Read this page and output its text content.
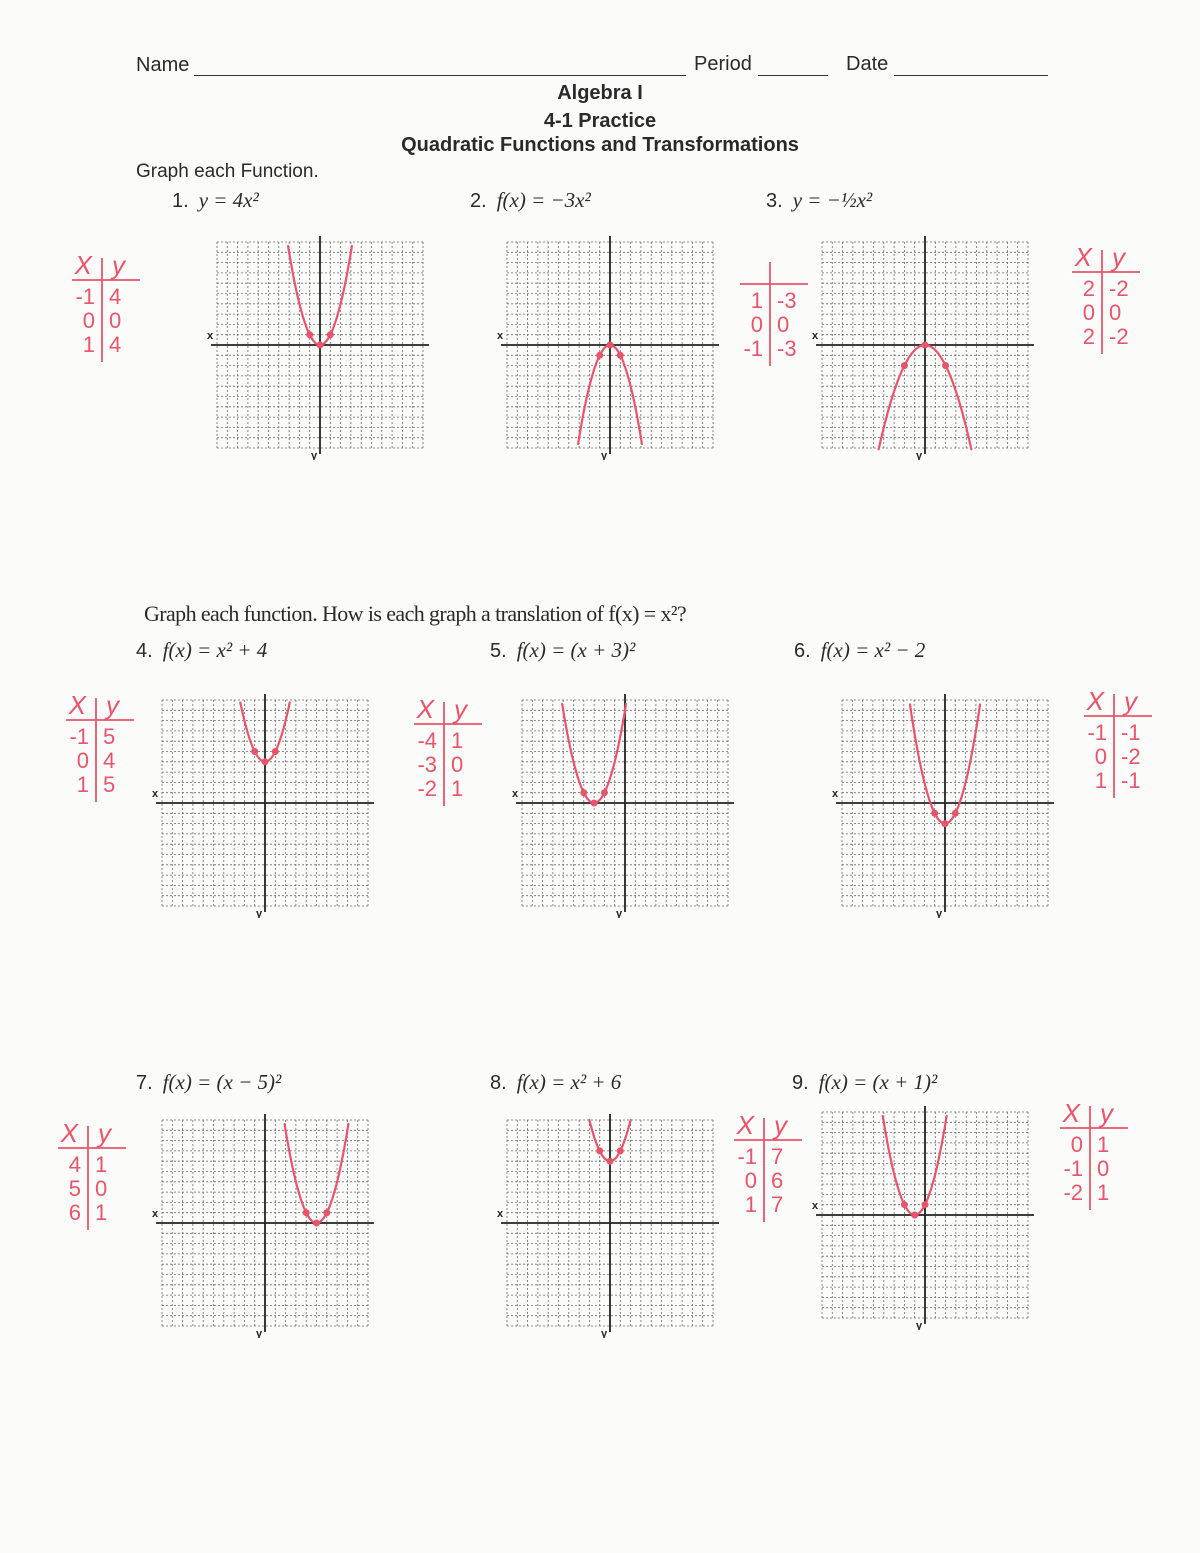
Name	Period	Date
Algebra I
4-1 Practice
Quadratic Functions and Transformations
Graph each Function.
Graph each function. How is each graph a translation of f(x) = x²?
1. y = 4x²	2. f(x) = −3x²	3. y = −½x²
4. f(x) = x² + 4	5. f(x) = (x + 3)²	6. f(x) = x² − 2
7. f(x) = (x − 5)²	8. f(x) = x² + 6	9. f(x) = (x + 1)²
x
y
x
y
x
y
x
y
x
y
x
y
x
y
x
y
x
y
X y
-1 4
0 0
1 4
1 -3
0 0
-1 -3
X y
2 -2
0 0
2 -2
X y
-1 5
0 4
1 5
X y
-4 1
-3 0
-2 1
X y
-1 -1
0 -2
1 -1
X y
4 1
5 0
6 1
X y
-1 7
0 6
1 7
X y
0 1
-1 0
-2 1
